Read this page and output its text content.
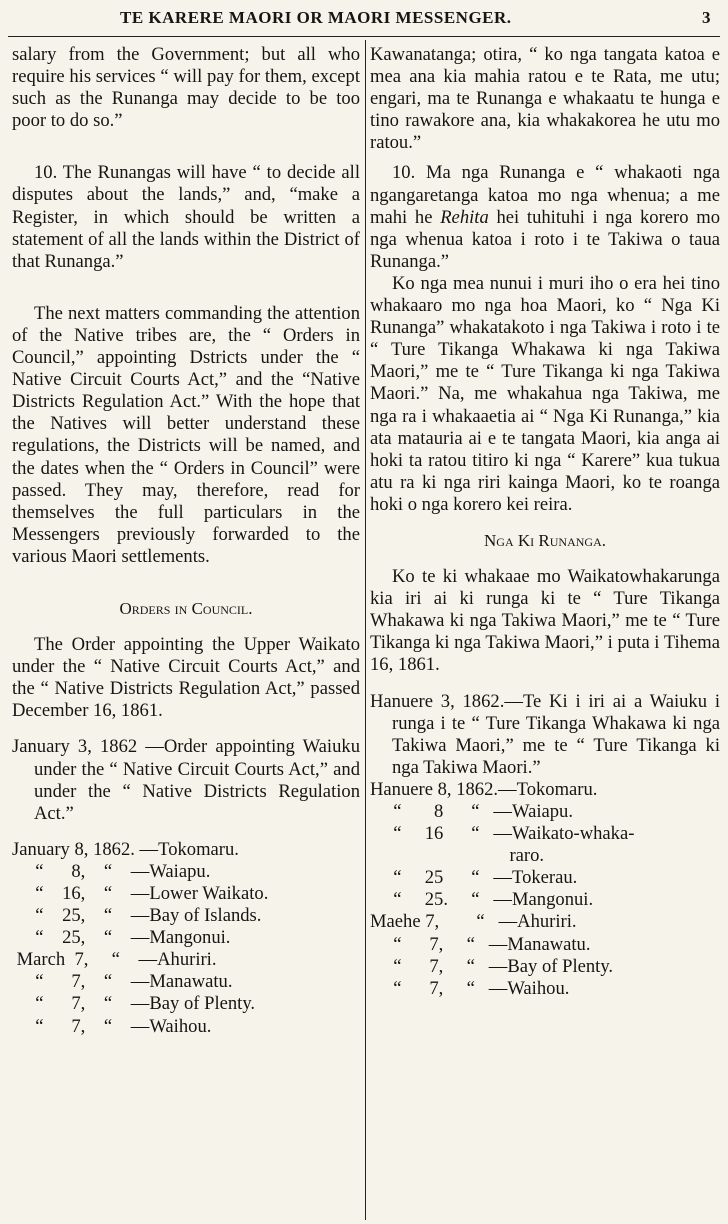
TE KARERE MAORI OR MAORI MESSENGER.	3

salary from the Government; but all who require his services “ will pay for them, except such as the Runanga may decide to be too poor to do so.”

10. The Runangas will have “ to decide all disputes about the lands,” and, “make a Register, in which should be written a statement of all the lands within the District of that Runanga.”

The next matters commanding the attention of the Native tribes are, the “ Orders in Council,” appointing Dstricts under the “ Native Circuit Courts Act,” and the “Native Districts Regulation Act.” With the hope that the Natives will better understand these regulations, the Districts will be named, and the dates when the “ Orders in Council” were passed. They may, therefore, read for themselves the full particulars in the Messengers previously forwarded to the various Maori settlements.

Orders in Council.

The Order appointing the Upper Waikato under the “ Native Circuit Courts Act,” and the “ Native Districts Regulation Act,” passed December 16, 1861.

January 3, 1862 —Order appointing Waiuku under the “ Native Circuit Courts Act,” and under the “ Native Districts Regulation Act.”

January 8, 1862. —Tokomaru.
“      8,    “    —Waiapu.
“    16,    “    —Lower Waikato.
“    25,    “    —Bay of Islands.
“    25,    “    —Mangonui.
March  7,     “    —Ahuriri.
“      7,    “    —Manawatu.
“      7,    “    —Bay of Plenty.
“      7,    “    —Waihou.

Kawanatanga; otira, “ ko nga tangata katoa e mea ana kia mahia ratou e te Rata, me utu; engari, ma te Runanga e whakaatu te hunga e tino rawakore ana, kia whakakorea he utu mo ratou.”

10. Ma nga Runanga e “ whakaoti nga ngangaretanga katoa mo nga whenua; a me mahi he Rehita hei tuhituhi i nga korero mo nga whenua katoa i roto i te Takiwa o taua Runanga.”

Ko nga mea nunui i muri iho o era hei tino whakaaro mo nga hoa Maori, ko “ Nga Ki Runanga” whakatakoto i nga Takiwa i roto i te “ Ture Tikanga Whakawa ki nga Takiwa Maori,” me te “ Ture Tikanga ki nga Takiwa Maori.” Na, me whakahua nga Takiwa, me nga ra i whakaaetia ai “ Nga Ki Runanga,” kia ata matauria ai e te tangata Maori, kia anga ai hoki ta ratou titiro ki nga “ Karere” kua tukua atu ra ki nga riri kainga Maori, ko te roanga hoki o nga korero kei reira.

Nga Ki Runanga.

Ko te ki whakaae mo Waikatowhakarunga kia iri ai ki runga ki te “ Ture Tikanga Whakawa ki nga Takiwa Maori,” me te “ Ture Tikanga ki nga Takiwa Maori,” i puta i Tihema 16, 1861.

Hanuere 3, 1862.—Te Ki i iri ai a Waiuku i runga i te “ Ture Tikanga Whakawa ki nga Takiwa Maori,” me te “ Ture Tikanga ki nga Takiwa Maori.”

Hanuere 8, 1862.—Tokomaru.
“       8      “   —Waiapu.
“     16      “   —Waikato-whaka-
raro.
“     25      “   —Tokerau.
“     25.     “   —Mangonui.
Maehe 7,        “   —Ahuriri.
“      7,     “   —Manawatu.
“      7,     “   —Bay of Plenty.
“      7,     “   —Waihou.
